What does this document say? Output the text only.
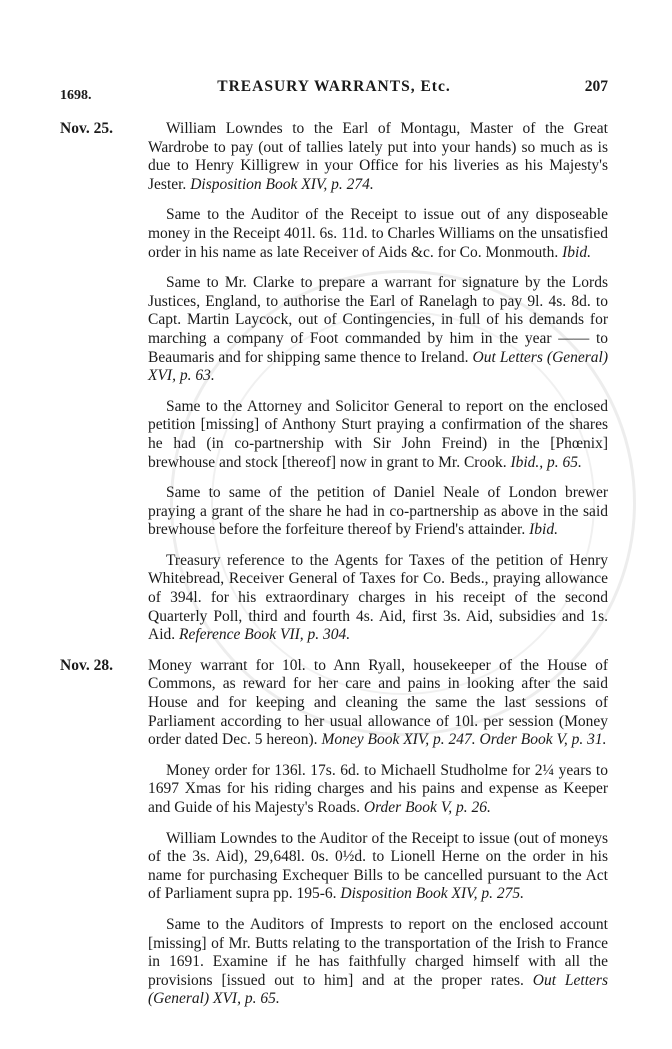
1698.
TREASURY WARRANTS, Etc.	207
Nov. 25.	William Lowndes to the Earl of Montagu, Master of the Great Wardrobe to pay (out of tallies lately put into your hands) so much as is due to Henry Killigrew in your Office for his liveries as his Majesty's Jester. Disposition Book XIV, p. 274.
Same to the Auditor of the Receipt to issue out of any disposeable money in the Receipt 401l. 6s. 11d. to Charles Williams on the unsatisfied order in his name as late Receiver of Aids &c. for Co. Monmouth. Ibid.
Same to Mr. Clarke to prepare a warrant for signature by the Lords Justices, England, to authorise the Earl of Ranelagh to pay 9l. 4s. 8d. to Capt. Martin Laycock, out of Contingencies, in full of his demands for marching a company of Foot commanded by him in the year —— to Beaumaris and for shipping same thence to Ireland. Out Letters (General) XVI, p. 63.
Same to the Attorney and Solicitor General to report on the enclosed petition [missing] of Anthony Sturt praying a confirmation of the shares he had (in co-partnership with Sir John Freind) in the [Phœnix] brewhouse and stock [thereof] now in grant to Mr. Crook. Ibid., p. 65.
Same to same of the petition of Daniel Neale of London brewer praying a grant of the share he had in co-partnership as above in the said brewhouse before the forfeiture thereof by Friend's attainder. Ibid.
Treasury reference to the Agents for Taxes of the petition of Henry Whitebread, Receiver General of Taxes for Co. Beds., praying allowance of 394l. for his extraordinary charges in his receipt of the second Quarterly Poll, third and fourth 4s. Aid, first 3s. Aid, subsidies and 1s. Aid. Reference Book VII, p. 304.
Nov. 28.	Money warrant for 10l. to Ann Ryall, housekeeper of the House of Commons, as reward for her care and pains in looking after the said House and for keeping and cleaning the same the last sessions of Parliament according to her usual allowance of 10l. per session (Money order dated Dec. 5 hereon). Money Book XIV, p. 247. Order Book V, p. 31.
Money order for 136l. 17s. 6d. to Michaell Studholme for 2¼ years to 1697 Xmas for his riding charges and his pains and expense as Keeper and Guide of his Majesty's Roads. Order Book V, p. 26.
William Lowndes to the Auditor of the Receipt to issue (out of moneys of the 3s. Aid), 29,648l. 0s. 0½d. to Lionell Herne on the order in his name for purchasing Exchequer Bills to be cancelled pursuant to the Act of Parliament supra pp. 195-6. Disposition Book XIV, p. 275.
Same to the Auditors of Imprests to report on the enclosed account [missing] of Mr. Butts relating to the transportation of the Irish to France in 1691. Examine if he has faithfully charged himself with all the provisions [issued out to him] and at the proper rates. Out Letters (General) XVI, p. 65.
